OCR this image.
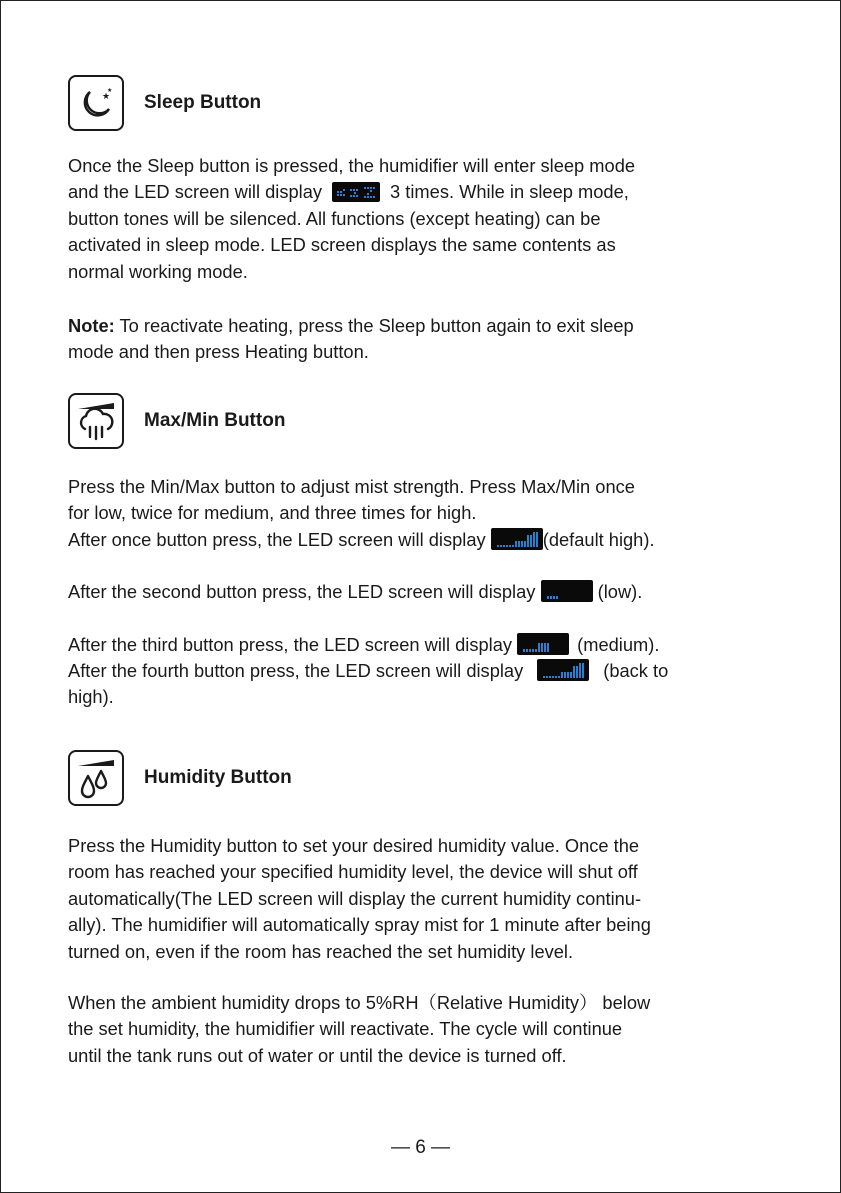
★
★
Sleep Button

Once the Sleep button is pressed, the humidifier will enter sleep mode
and the LED screen will display	3 times. While in sleep mode,
button tones will be silenced. All functions (except heating) can be
activated in sleep mode. LED screen displays the same contents as
normal working mode.

Note: To reactivate heating, press the Sleep button again to exit sleep
mode and then press Heating button.

Max/Min Button

Press the Min/Max button to adjust mist strength. Press Max/Min once
for low, twice for medium, and three times for high.
After once button press, the LED screen will display	(default high).
After the second button press, the LED screen will display	(low).
After the third button press, the LED screen will display	(medium).
After the fourth button press, the LED screen will display	(back to
high).

Humidity Button

Press the Humidity button to set your desired humidity value. Once the
room has reached your specified humidity level, the device will shut off
automatically(The LED screen will display the current humidity continu-
ally). The humidifier will automatically spray mist for 1 minute after being
turned on, even if the room has reached the set humidity level.

When the ambient humidity drops to 5%RH（Relative Humidity） below
the set humidity, the humidifier will reactivate. The cycle will continue
until the tank runs out of water or until the device is turned off.

— 6 —
